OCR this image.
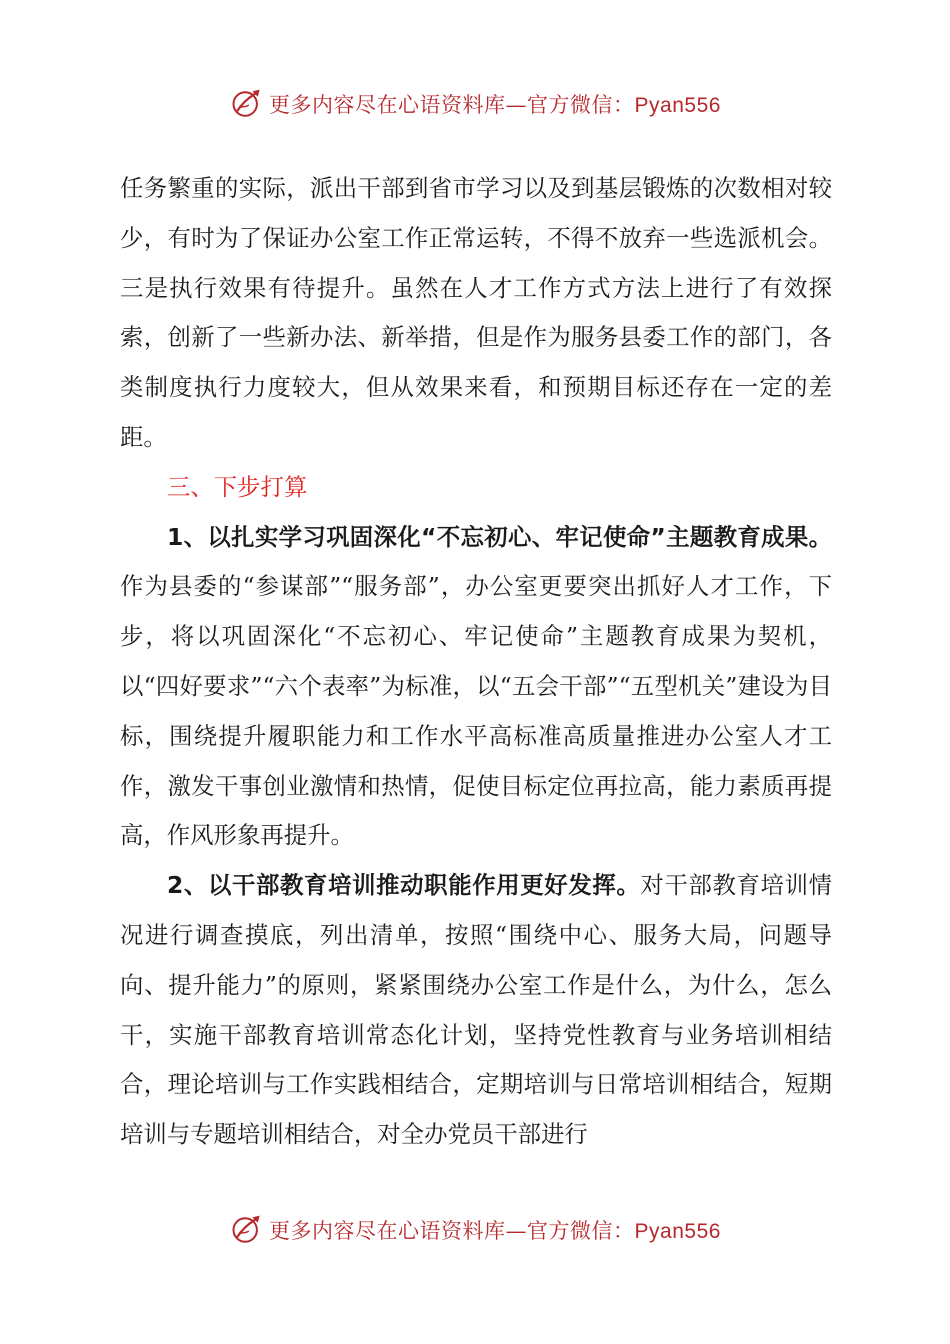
更多内容尽在心语资料库—官方微信：Pyan556

任务繁重的实际，派出干部到省市学习以及到基层锻炼的次数相对较少，有时为了保证办公室工作正常运转，不得不放弃一些选派机会。三是执行效果有待提升。虽然在人才工作方式方法上进行了有效探索，创新了一些新办法、新举措，但是作为服务县委工作的部门，各类制度执行力度较大，但从效果来看，和预期目标还存在一定的差距。

三、下步打算

1、以扎实学习巩固深化“不忘初心、牢记使命”主题教育成果。作为县委的“参谋部”“服务部”，办公室更要突出抓好人才工作，下步，将以巩固深化“不忘初心、牢记使命”主题教育成果为契机，以“四好要求”“六个表率”为标准，以“五会干部”“五型机关”建设为目标，围绕提升履职能力和工作水平高标准高质量推进办公室人才工作，激发干事创业激情和热情，促使目标定位再拉高，能力素质再提高，作风形象再提升。

2、以干部教育培训推动职能作用更好发挥。对干部教育培训情况进行调查摸底，列出清单，按照“围绕中心、服务大局，问题导向、提升能力”的原则，紧紧围绕办公室工作是什么，为什么，怎么干，实施干部教育培训常态化计划，坚持党性教育与业务培训相结合，理论培训与工作实践相结合，定期培训与日常培训相结合，短期培训与专题培训相结合，对全办党员干部进行

更多内容尽在心语资料库—官方微信：Pyan556
